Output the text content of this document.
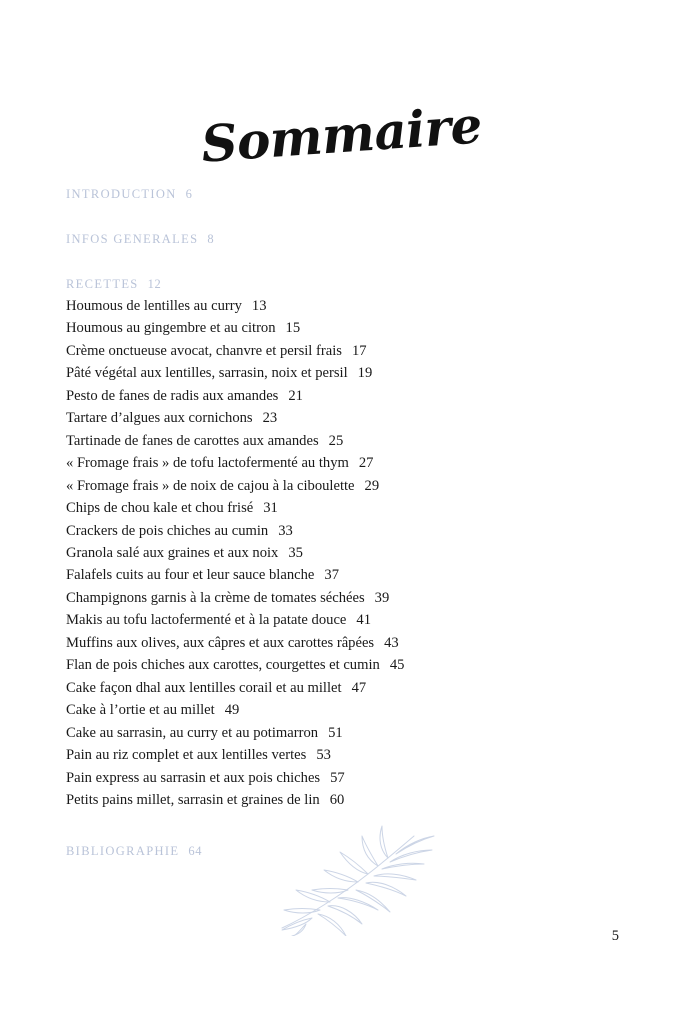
Sommaire
INTRODUCTION 6
INFOS GENERALES 8
RECETTES 12
Houmous de lentilles au curry 13
Houmous au gingembre et au citron 15
Crème onctueuse avocat, chanvre et persil frais 17
Pâté végétal aux lentilles, sarrasin, noix et persil 19
Pesto de fanes de radis aux amandes 21
Tartare d’algues aux cornichons 23
Tartinade de fanes de carottes aux amandes 25
« Fromage frais » de tofu lactofermenté au thym 27
« Fromage frais » de noix de cajou à la ciboulette 29
Chips de chou kale et chou frisé 31
Crackers de pois chiches au cumin 33
Granola salé aux graines et aux noix 35
Falafels cuits au four et leur sauce blanche 37
Champignons garnis à la crème de tomates séchées 39
Makis au tofu lactofermenté et à la patate douce 41
Muffins aux olives, aux câpres et aux carottes râpées 43
Flan de pois chiches aux carottes, courgettes et cumin 45
Cake façon dhal aux lentilles corail et au millet 47
Cake à l’ortie et au millet 49
Cake au sarrasin, au curry et au potimarron 51
Pain au riz complet et aux lentilles vertes 53
Pain express au sarrasin et aux pois chiches 57
Petits pains millet, sarrasin et graines de lin 60
BIBLIOGRAPHIE 64
5
